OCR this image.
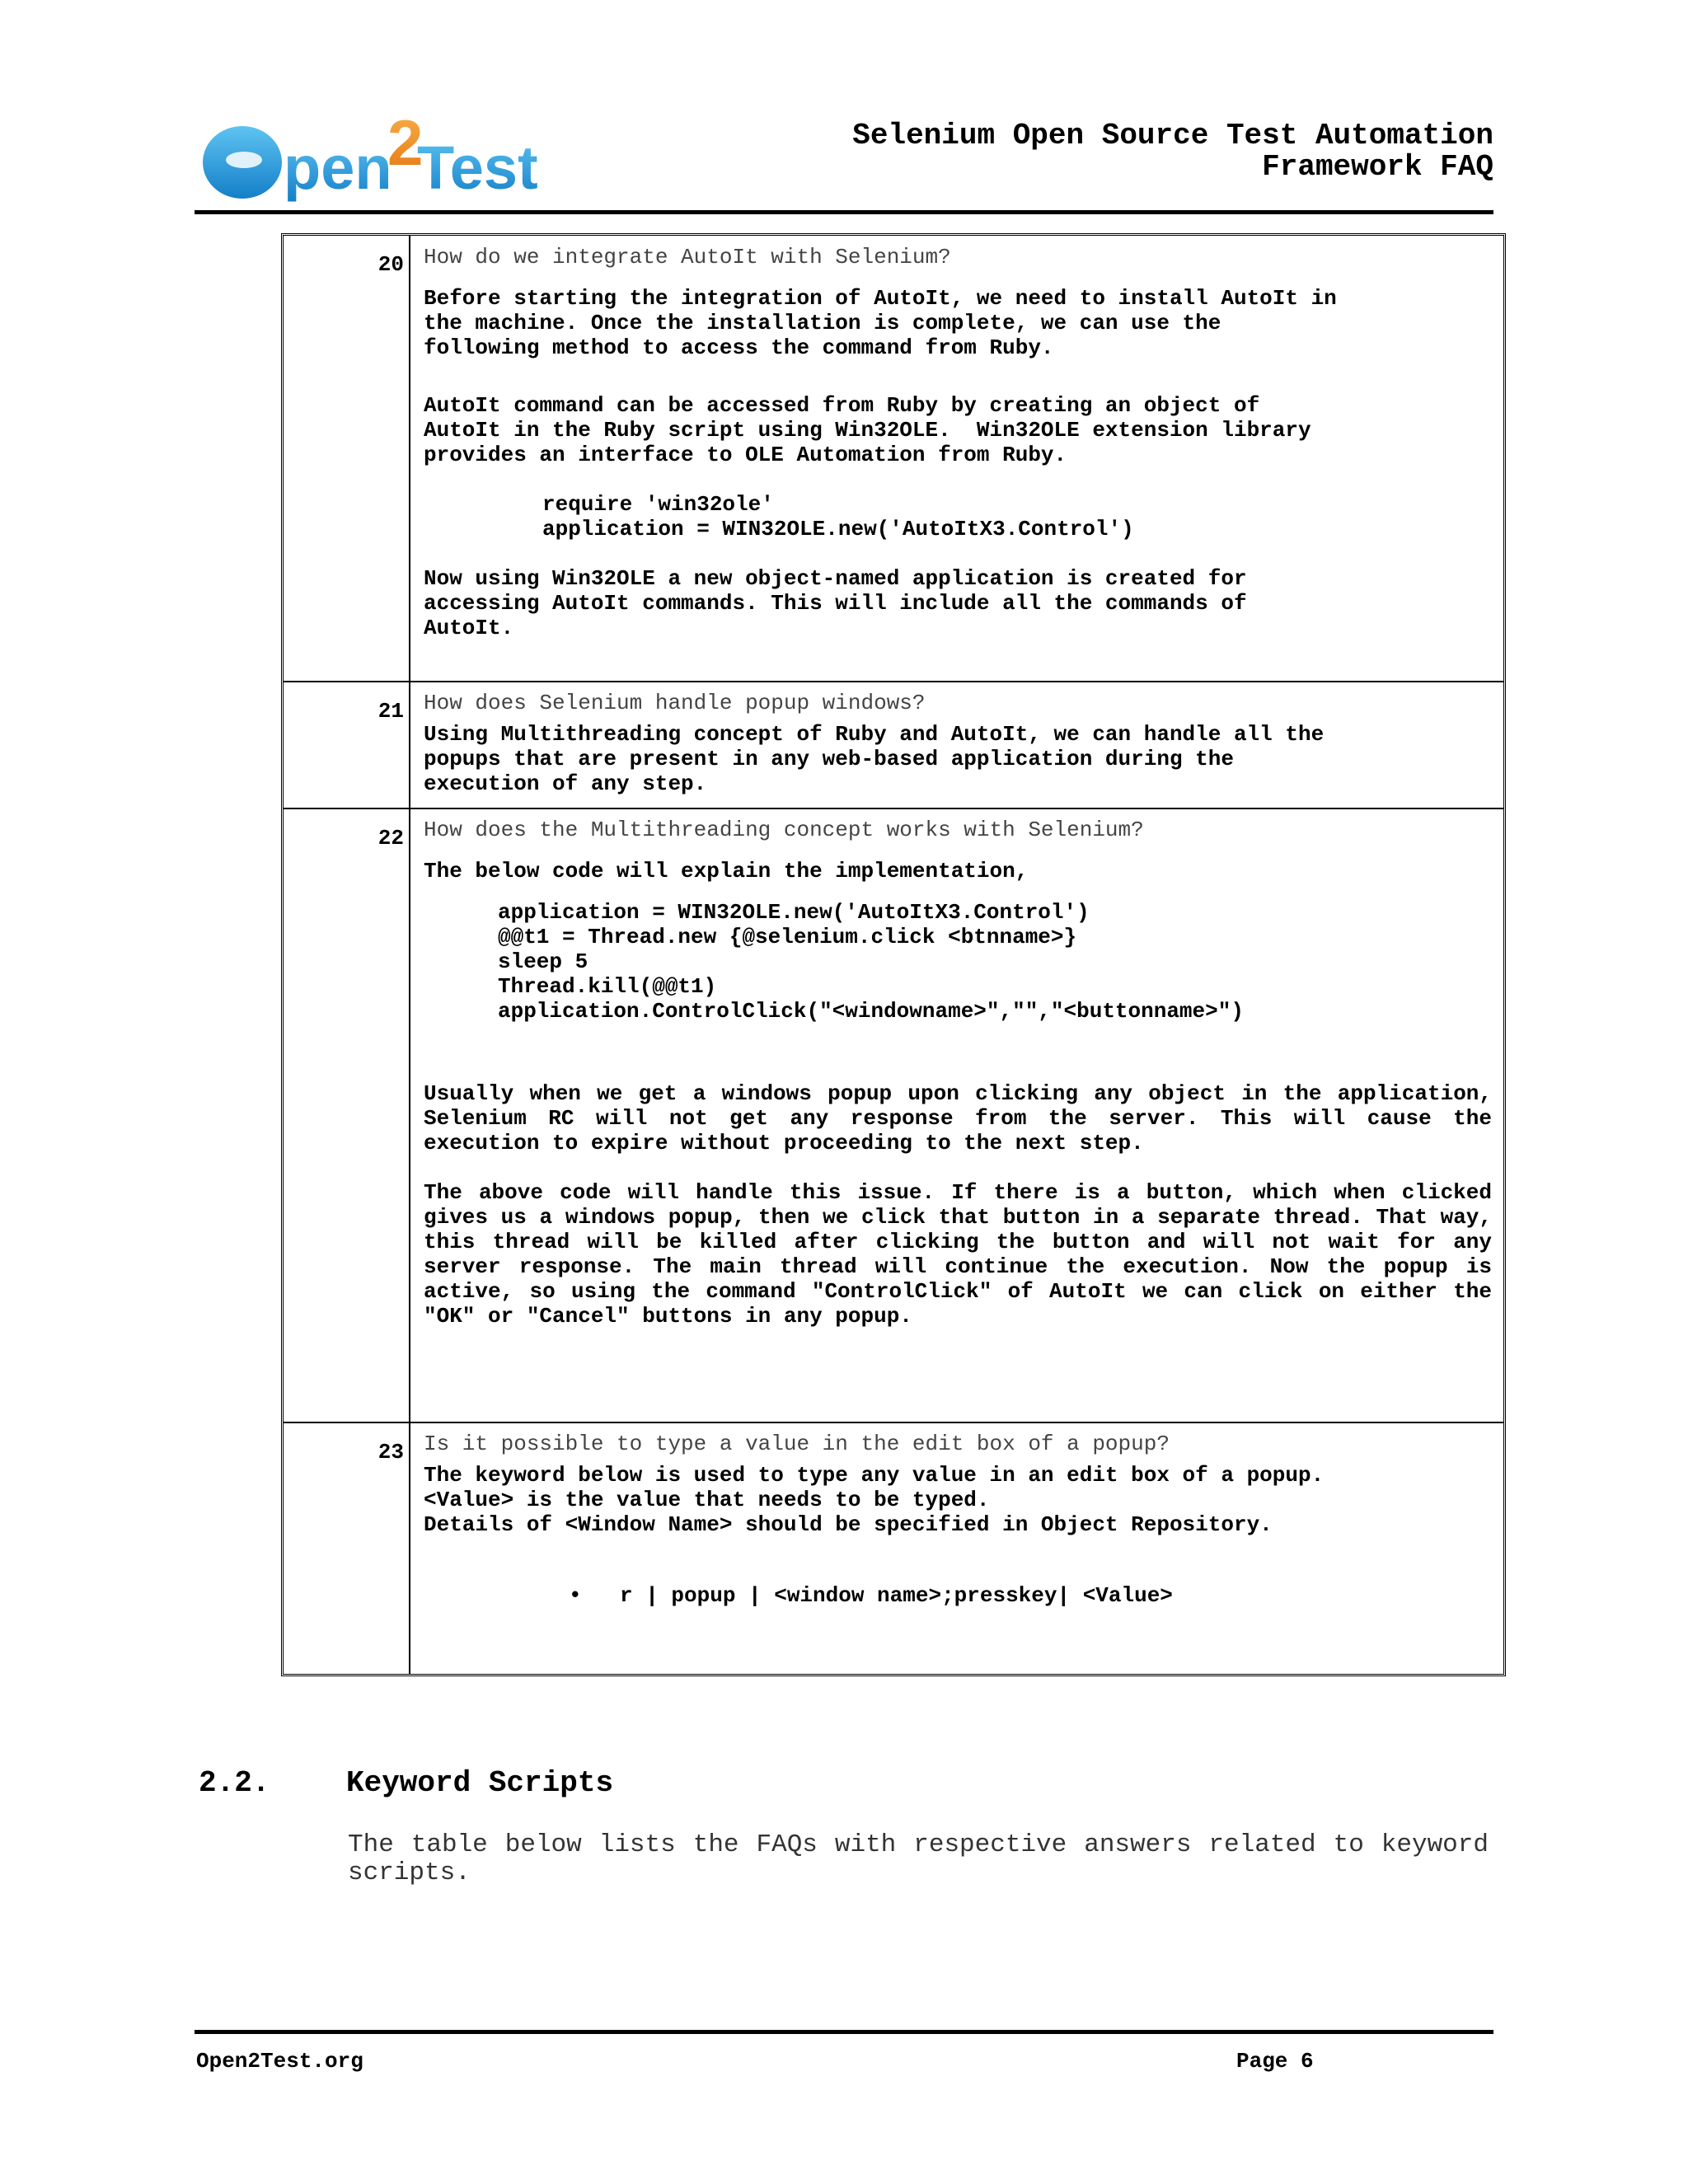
pen
2
Test	Selenium Open Source Test Automation
Framework FAQ
20 How do we integrate AutoIt with Selenium?

Before starting the integration of AutoIt, we need to install AutoIt in
the machine. Once the installation is complete, we can use the
following method to access the command from Ruby.

AutoIt command can be accessed from Ruby by creating an object of
AutoIt in the Ruby script using Win32OLE.  Win32OLE extension library
provides an interface to OLE Automation from Ruby.

require 'win32ole'
application = WIN32OLE.new('AutoItX3.Control')

Now using Win32OLE a new object-named application is created for
accessing AutoIt commands. This will include all the commands of
AutoIt.

21 How does Selenium handle popup windows?

Using Multithreading concept of Ruby and AutoIt, we can handle all the
popups that are present in any web-based application during the
execution of any step.

22 How does the Multithreading concept works with Selenium?

The below code will explain the implementation,

application = WIN32OLE.new('AutoItX3.Control')
@@t1 = Thread.new {@selenium.click <btnname>}
sleep 5
Thread.kill(@@t1)
application.ControlClick("<windowname>","","<buttonname>")

Usually when we get a windows popup upon clicking any object in the application, Selenium RC will not get any response from the server. This will cause the execution to expire without proceeding to the next step.

The above code will handle this issue. If there is a button, which when clicked gives us a windows popup, then we click that button in a separate thread. That way, this thread will be killed after clicking the button and will not wait for any server response. The main thread will continue the execution. Now the popup is active, so using the command "ControlClick" of AutoIt we can click on either the "OK" or "Cancel" buttons in any popup.

23 Is it possible to type a value in the edit box of a popup?

The keyword below is used to type any value in an edit box of a popup.
<Value> is the value that needs to be typed.
Details of <Window Name> should be specified in Object Repository.

•	r | popup | <window name>;presskey| <Value>
2.2.	Keyword Scripts
The table below lists the FAQs with respective answers related to keyword scripts.
Open2Test.org	Page 6
